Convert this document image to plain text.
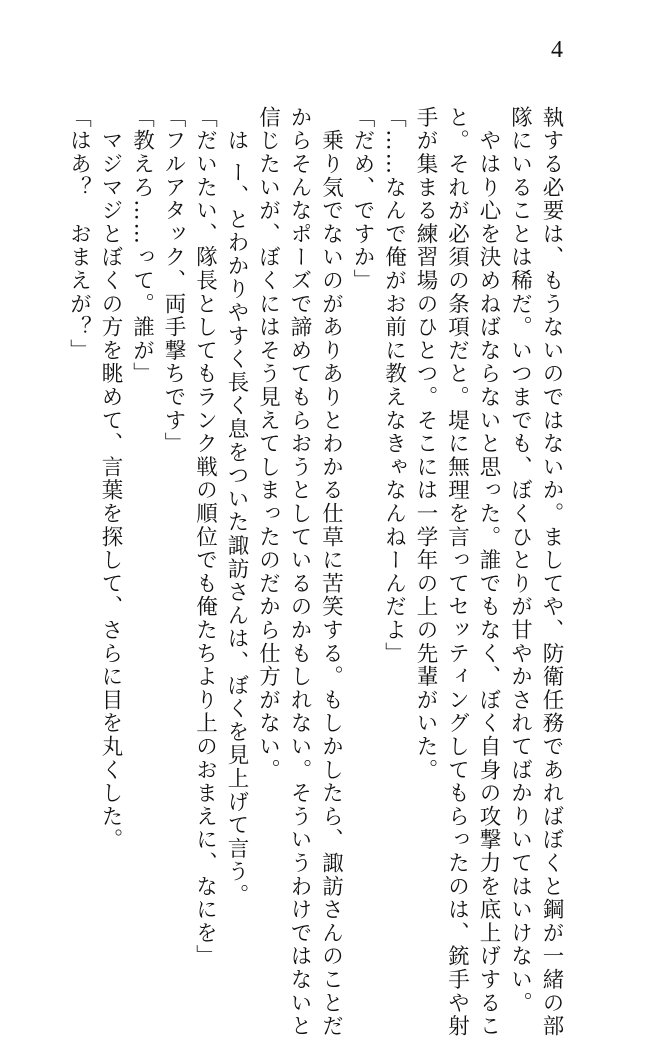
4

執する必要は、もうないのではないか。ましてや、防衛任務であればぼくと鋼が一緒の部

隊にいることは稀だ。いつまでも、ぼくひとりが甘やかされてばかりいてはいけない。

　やはり心を決めねばならないと思った。誰でもなく、ぼく自身の攻撃力を底上げするこ

と。それが必須の条項だと。堤に無理を言ってセッティングしてもらったのは、銃手や射

手が集まる練習場のひとつ。そこには一学年の上の先輩がいた。

「……なんで俺がお前に教えなきゃなんねーんだよ」

「だめ、ですか」

　乗り気でないのがありありとわかる仕草に苦笑する。もしかしたら、諏訪さんのことだ

からそんなポーズで諦めてもらおうとしているのかもしれない。そういうわけではないと

信じたいが、ぼくにはそう見えてしまったのだから仕方がない。

　は ー、とわかりやすく長く息をついた諏訪さんは、ぼくを見上げて言う。

「だいたい、隊長としてもランク戦の順位でも俺たちより上のおまえに、なにを」

「フルアタック、両手撃ちです」

「教えろ……って。誰が」

　マジマジとぼくの方を眺めて、言葉を探して、さらに目を丸くした。

「はあ？　おまえが？」
